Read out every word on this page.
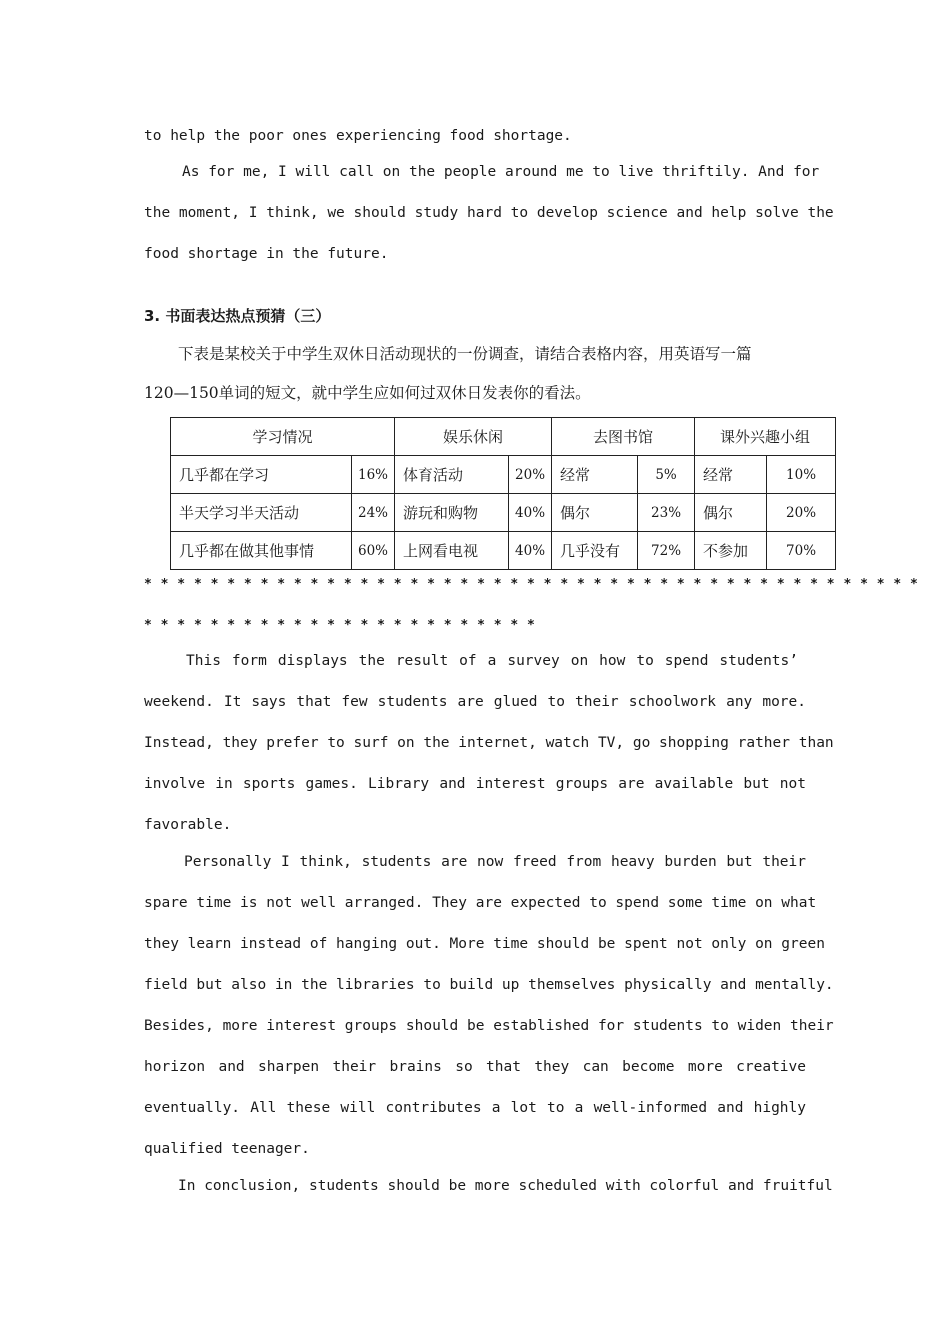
to help the poor ones experiencing food shortage.
As for me, I will call on the people around me to live thriftily. And for
the moment, I think, we should study hard to develop science and help solve the
food shortage in the future.
3. 书面表达热点预猜（三）
下表是某校关于中学生双休日活动现状的一份调查，请结合表格内容，用英语写一篇
120—150单词的短文，就中学生应如何过双休日发表你的看法。
学习情况		娱乐休闲		去图书馆		课外兴趣小组	
几乎都在学习	16%	体育活动	20%	经常	5%	经常	10%
半天学习半天活动	24%	游玩和购物	40%	偶尔	23%	偶尔	20%
几乎都在做其他事情	60%	上网看电视	40%	几乎没有	72%	不参加	70%
* * * * * * * * * * * * * * * * * * * * * * * * * * * * * * * * * * * * * * * * * * * * * * *
* * * * * * * * * * * * * * * * * * * * * * * *
This form displays the result of a survey on how to spend students’
weekend. It says that few students are glued to their schoolwork any more.
Instead, they prefer to surf on the internet, watch TV, go shopping rather than
involve in sports games. Library and interest groups are available but not
favorable.
Personally I think, students are now freed from heavy burden but their
spare time is not well arranged. They are expected to spend some time on what
they learn instead of hanging out. More time should be spent not only on green
field but also in the libraries to build up themselves physically and mentally.
Besides, more interest groups should be established for students to widen their
horizon and sharpen their brains so that they can become more creative
eventually. All these will contributes a lot to a well-informed and highly
qualified teenager.
In conclusion, students should be more scheduled with colorful and fruitful
